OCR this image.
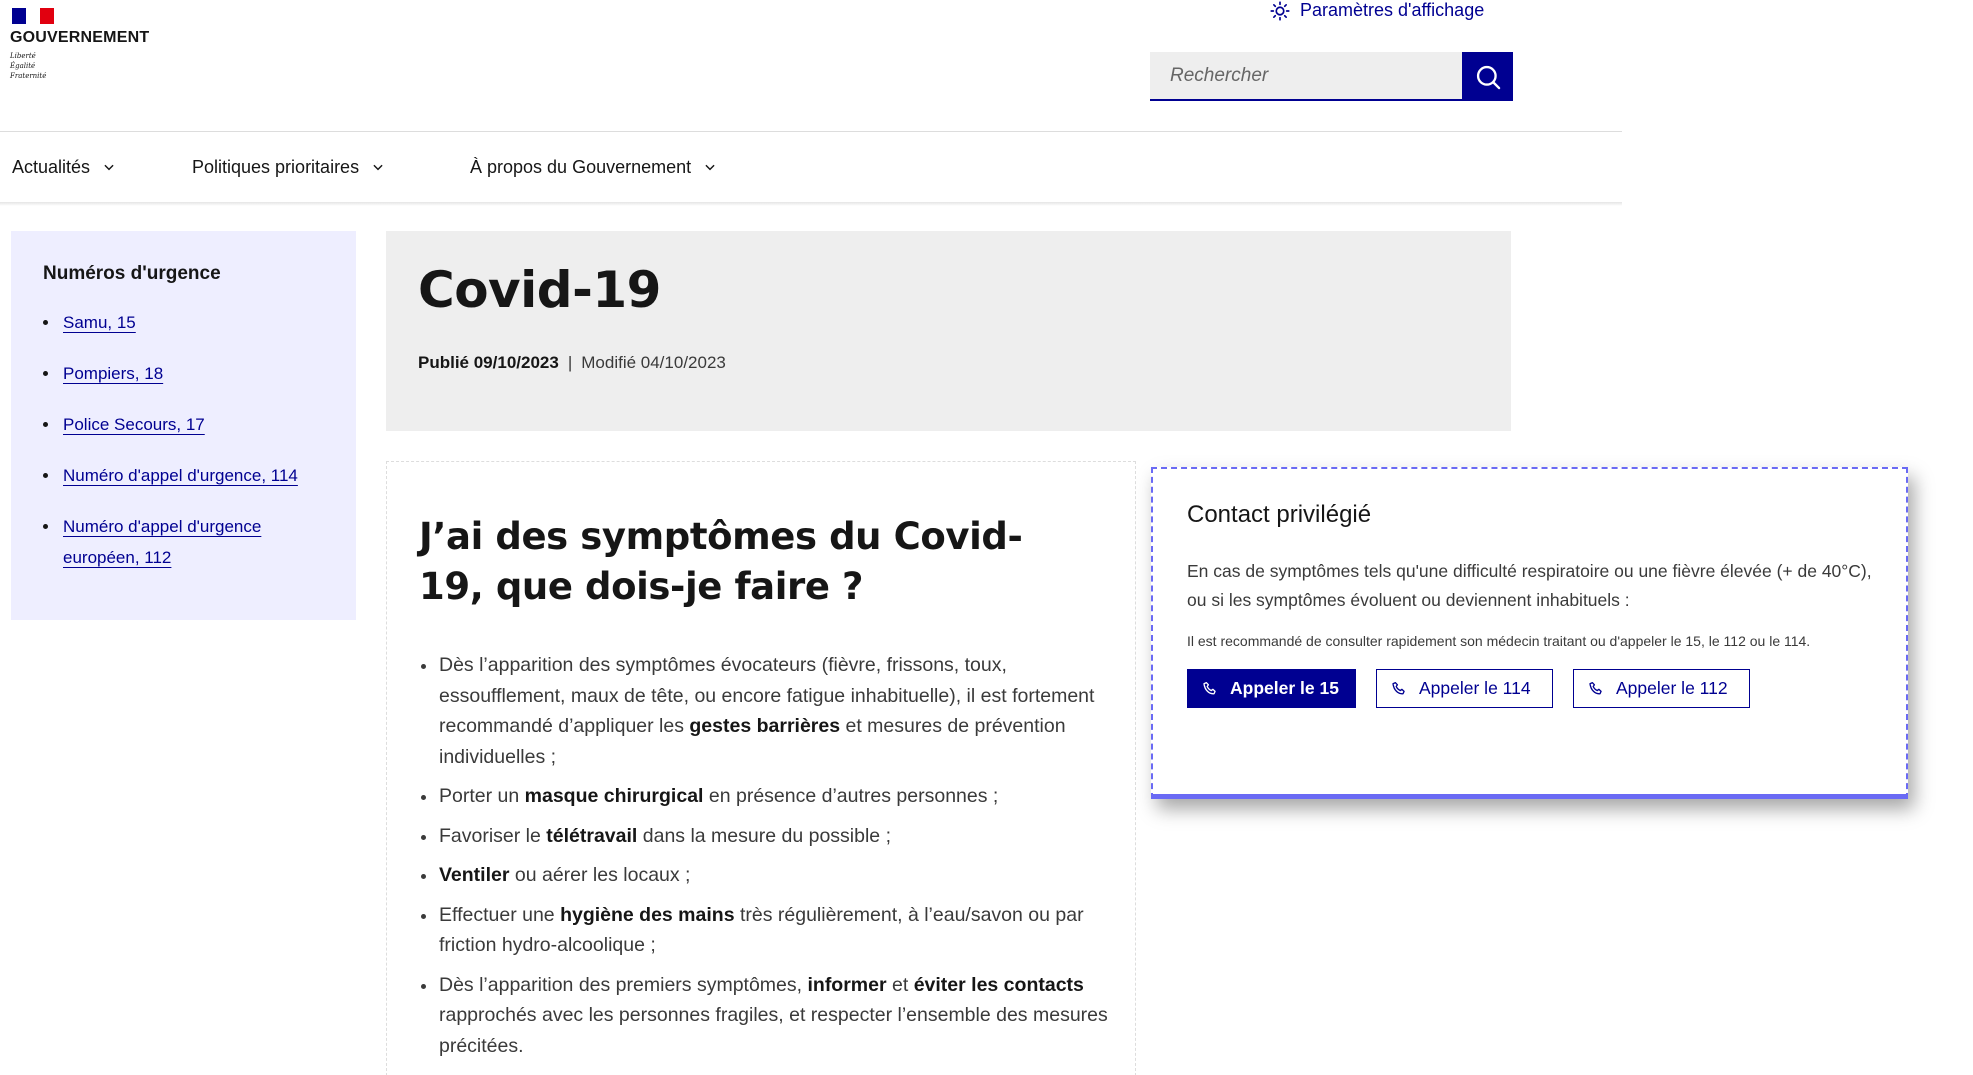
GOUVERNEMENT
Liberté
Égalité
Fraternité
Paramètres d'affichage
Rechercher
Actualités	Politiques prioritaires	À propos du Gouvernement
Numéros d'urgence
Samu, 15
Pompiers, 18
Police Secours, 17
Numéro d'appel d'urgence, 114
Numéro d'appel d'urgence européen, 112
Covid-19
Publié 09/10/2023 | Modifié 04/10/2023
J’ai des symptômes du Covid-19, que dois-je faire ?
Dès l’apparition des symptômes évocateurs (fièvre, frissons, toux, essoufflement, maux de tête, ou encore fatigue inhabituelle), il est fortement recommandé d’appliquer les gestes barrières et mesures de prévention individuelles ;
Porter un masque chirurgical en présence d’autres personnes ;
Favoriser le télétravail dans la mesure du possible ;
Ventiler ou aérer les locaux ;
Effectuer une hygiène des mains très régulièrement, à l’eau/savon ou par friction hydro-alcoolique ;
Dès l’apparition des premiers symptômes, informer et éviter les contacts rapprochés avec les personnes fragiles, et respecter l’ensemble des mesures précitées.
Contact privilégié

En cas de symptômes tels qu'une difficulté respiratoire ou une fièvre élevée (+ de 40°C), ou si les symptômes évoluent ou deviennent inhabituels :

Il est recommandé de consulter rapidement son médecin traitant ou d'appeler le 15, le 112 ou le 114.

Appeler le 15	Appeler le 114	Appeler le 112
